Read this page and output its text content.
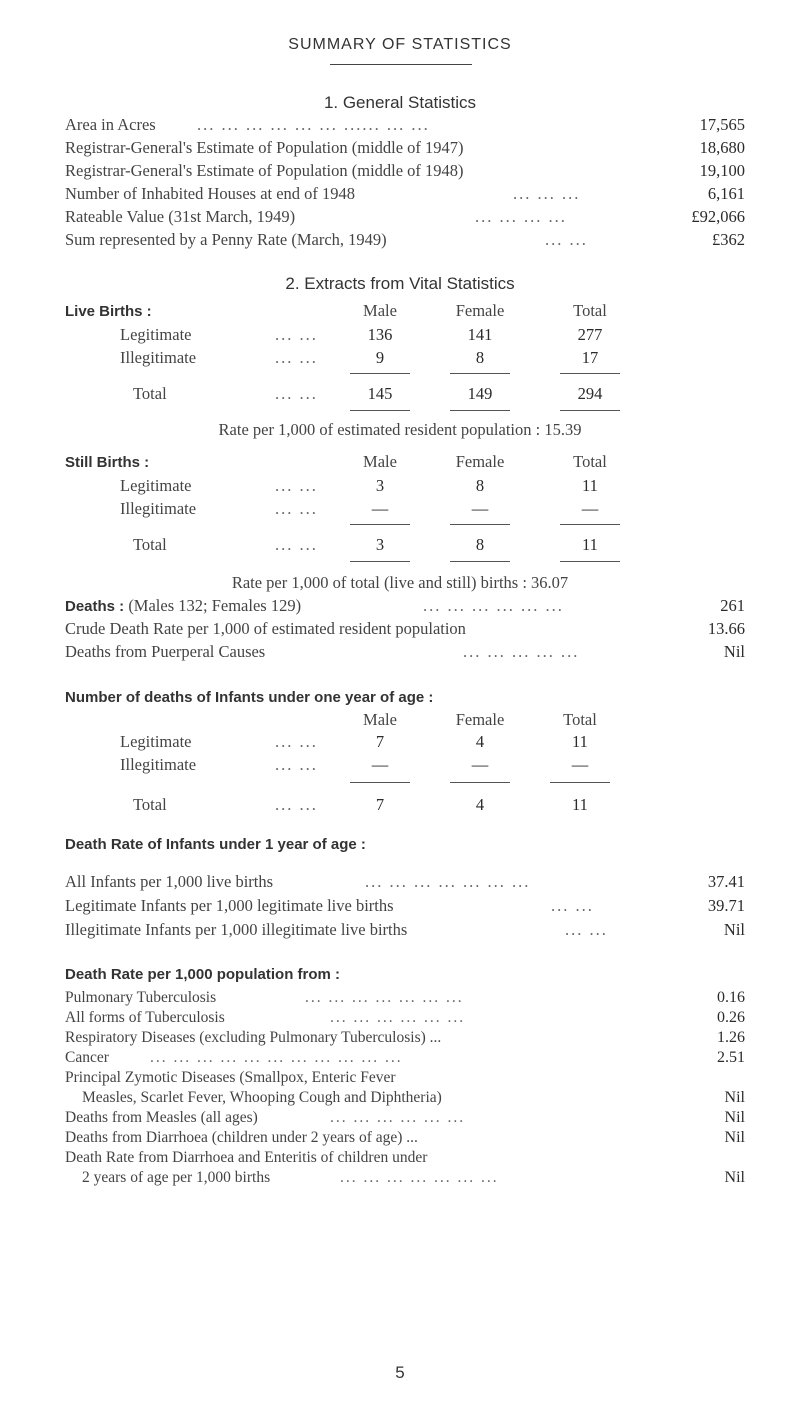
SUMMARY OF STATISTICS
1. General Statistics
Area in Acres	... ... ... ... ... ... ...... ... ...	17,565
Registrar-General's Estimate of Population (middle of 1947)	18,680
Registrar-General's Estimate of Population (middle of 1948)	19,100
Number of Inhabited Houses at end of 1948	... ... ...	6,161
Rateable Value (31st March, 1949)	... ... ... ...	£92,066
Sum represented by a Penny Rate (March, 1949)	... ...	£362
2. Extracts from Vital Statistics
Live Births :	Male	Female	Total
Legitimate	... ...	136	141	277
Illegitimate	... ...	9	8	17
Total	... ...	145	149	294
Rate per 1,000 of estimated resident population : 15.39
Still Births :	Male	Female	Total
Legitimate	... ...	3	8	11
Illegitimate	... ...	—	—	—
Total	... ...	3	8	11
Rate per 1,000 of total (live and still) births : 36.07
Deaths : (Males 132; Females 129)	... ... ... ... ... ...	261
Crude Death Rate per 1,000 of estimated resident population	13.66
Deaths from Puerperal Causes	... ... ... ... ...	Nil
Number of deaths of Infants under one year of age :
Male	Female	Total
Legitimate	... ...	7	4	11
Illegitimate	... ...	—	—	—
Total	... ...	7	4	11
Death Rate of Infants under 1 year of age :
All Infants per 1,000 live births	... ... ... ... ... ... ...	37.41
Legitimate Infants per 1,000 legitimate live births	... ...	39.71
Illegitimate Infants per 1,000 illegitimate live births	... ...	Nil
Death Rate per 1,000 population from :
Pulmonary Tuberculosis	... ... ... ... ... ... ...	0.16
All forms of Tuberculosis	... ... ... ... ... ...	0.26
Respiratory Diseases (excluding Pulmonary Tuberculosis) ...	1.26
Cancer	... ... ... ... ... ... ... ... ... ... ...	2.51
Principal Zymotic Diseases (Smallpox, Enteric Fever
Measles, Scarlet Fever, Whooping Cough and Diphtheria)	Nil
Deaths from Measles (all ages)	... ... ... ... ... ...	Nil
Deaths from Diarrhoea (children under 2 years of age) ...	Nil
Death Rate from Diarrhoea and Enteritis of children under
2 years of age per 1,000 births	... ... ... ... ... ... ...	Nil
5
